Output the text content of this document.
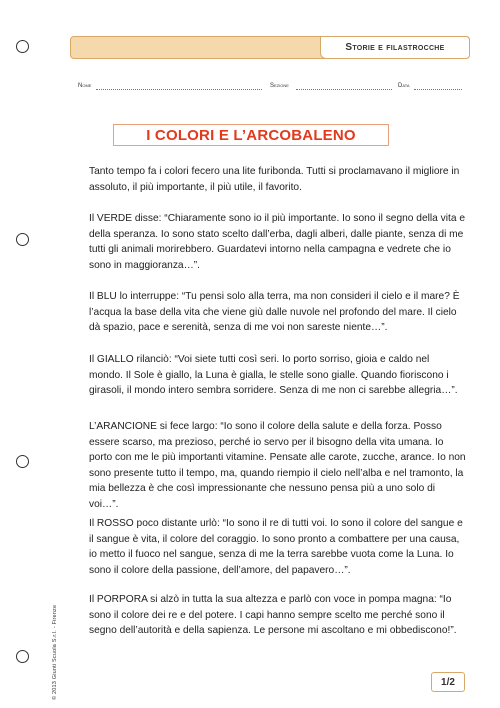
Storie e filastrocche
Nome	Sezione	Data
I COLORI E L’ARCOBALENO

Tanto tempo fa i colori fecero una lite furibonda. Tutti si proclamavano il migliore in assoluto, il più importante, il più utile, il favorito.

Il VERDE disse: “Chiaramente sono io il più importante. Io sono il segno della vita e della speranza. Io sono stato scelto dall’erba, dagli alberi, dalle piante, senza di me tutti gli animali morirebbero. Guardatevi intorno nella campagna e vedrete che io sono in maggioranza…”.

Il BLU lo interruppe: “Tu pensi solo alla terra, ma non consideri il cielo e il mare? È l’acqua la base della vita che viene giù dalle nuvole nel profondo del mare. Il cielo dà spazio, pace e serenità, senza di me voi non sareste niente…”.

Il GIALLO rilanciò: “Voi siete tutti così seri. Io porto sorriso, gioia e caldo nel mondo. Il Sole è giallo, la Luna è gialla, le stelle sono gialle. Quando fioriscono i girasoli, il mondo intero sembra sorridere. Senza di me non ci sarebbe allegria…”.

L’ARANCIONE si fece largo: “Io sono il colore della salute e della forza. Posso essere scarso, ma prezioso, perché io servo per il bisogno della vita umana. Io porto con me le più importanti vitamine. Pensate alle carote, zucche, arance. Io non sono presente tutto il tempo, ma, quando riempio il cielo nell’alba e nel tramonto, la mia bellezza è che così impressionante che nessuno pensa più a uno solo di voi…”.

Il ROSSO poco distante urlò: “Io sono il re di tutti voi. Io sono il colore del sangue e il sangue è vita, il colore del coraggio. Io sono pronto a combattere per una causa, io metto il fuoco nel sangue, senza di me la terra sarebbe vuota come la Luna. Io sono il colore della passione, dell’amore, del papavero…”.

Il PORPORA si alzò in tutta la sua altezza e parlò con voce in pompa magna: “Io sono il colore dei re e del potere. I capi hanno sempre scelto me perché sono il segno dell’autorità e della sapienza. Le persone mi ascoltano e mi obbediscono!”.

© 2013 Giunti Scuola S.r.l. - Firenze	1/2
